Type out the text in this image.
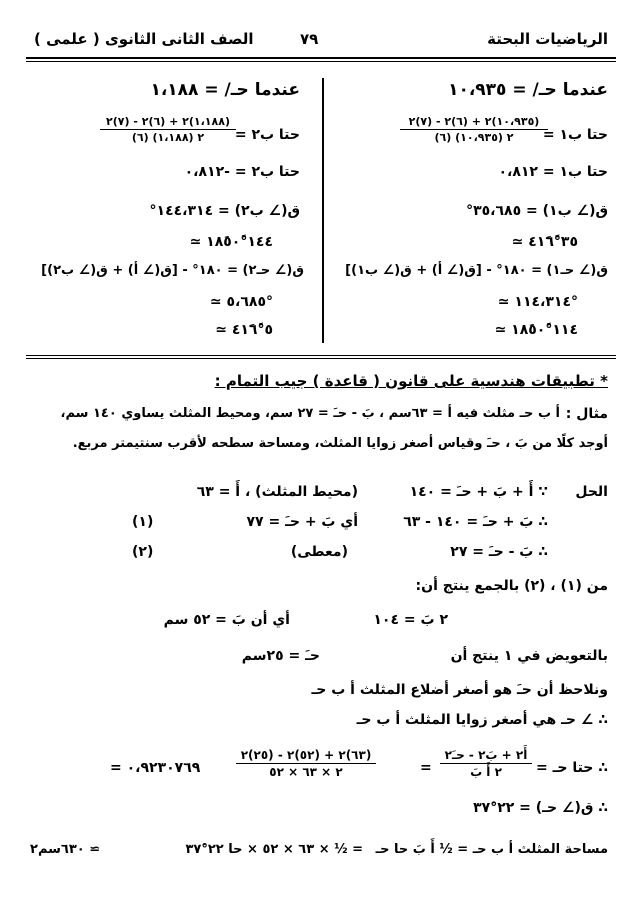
الرياضيات البحتة
٧٩
الصف الثانى الثانوى ( علمى )
عندما حـ/ = ١٠،٩٣٥
حتا ب١ =
(١٠،٩٣٥)٢ + (٦)٢ - (٧)٢
٢ (١٠،٩٣٥) (٦)
حتا ب١ = ٠،٨١٢
ق(∠ ب١) = ٣٥،٦٨٥°
≃ ٣٥°٤١َ٦ً
ق(∠ حـ١) = ١٨٠° - [ق(∠ أ) + ق(∠ ب١)]
≃ ١١٤،٣١٤°
≃ ١١٤°١٨َ٥٠ً
عندما حـ/ = ١،١٨٨
حتا ب٢ =
(١،١٨٨)٢ + (٦)٢ - (٧)٢
٢ (١،١٨٨) (٦)
حتا ب٢ = -٠،٨١٢
ق(∠ ب٢) = ١٤٤،٣١٤°
≃ ١٤٤°١٨َ٥٠ً
ق(∠ حـ٢) = ١٨٠° - [ق(∠ أ) + ق(∠ ب٢)]
≃ ٥،٦٨٥°
≃ ٥°٤١َ٦ً
* تطبيقات هندسية على قانون ( قاعدة ) جيب التمام :
مثال :
أ ب حـ مثلث فيه أ = ٦٣سم ، بَ - حـَ = ٢٧ سم، ومحيط المثلث يساوي ١٤٠ سم،
أوجد كلًا من بَ ، حـَ وقياس أصغر زوايا المثلث، ومساحة سطحه لأقرب سنتيمتر مربع.
الحل
∵ أَ + بَ + حـَ = ١٤٠
(محيط المثلث) ، أَ = ٦٣
∴ بَ + حـَ = ١٤٠ - ٦٣
أي بَ + حـَ = ٧٧
(١)
∴ بَ - حـَ = ٢٧
(معطى)
(٢)
من (١) ، (٢) بالجمع ينتج أن:
٢ بَ = ١٠٤
أي أن بَ = ٥٢ سم
بالتعويض في ١ ينتج أن
حـَ = ٢٥سم
ونلاحظ أن حـَ هو أصغر أضلاع المثلث أ ب حـ
∴ ∠ حـ هي أصغر زوايا المثلث أ ب حـ
∴ حتا حـ =
أَ٢ + بَ٢ - حـَ٢
٢ أَ بَ
=
(٦٣)٢ + (٥٢)٢ - (٢٥)٢
٢ × ٦٣ × ٥٢
= ٠،٩٢٣٠٧٦٩
∴ ق(∠ حـ) = ٢٢°٣٧َ
مساحة المثلث أ ب حـ = ½ أَ بَ حا حـ
= ½ × ٦٣ × ٥٢ × حا ٢٢°٣٧َ
≃ ٦٣٠سم٢
